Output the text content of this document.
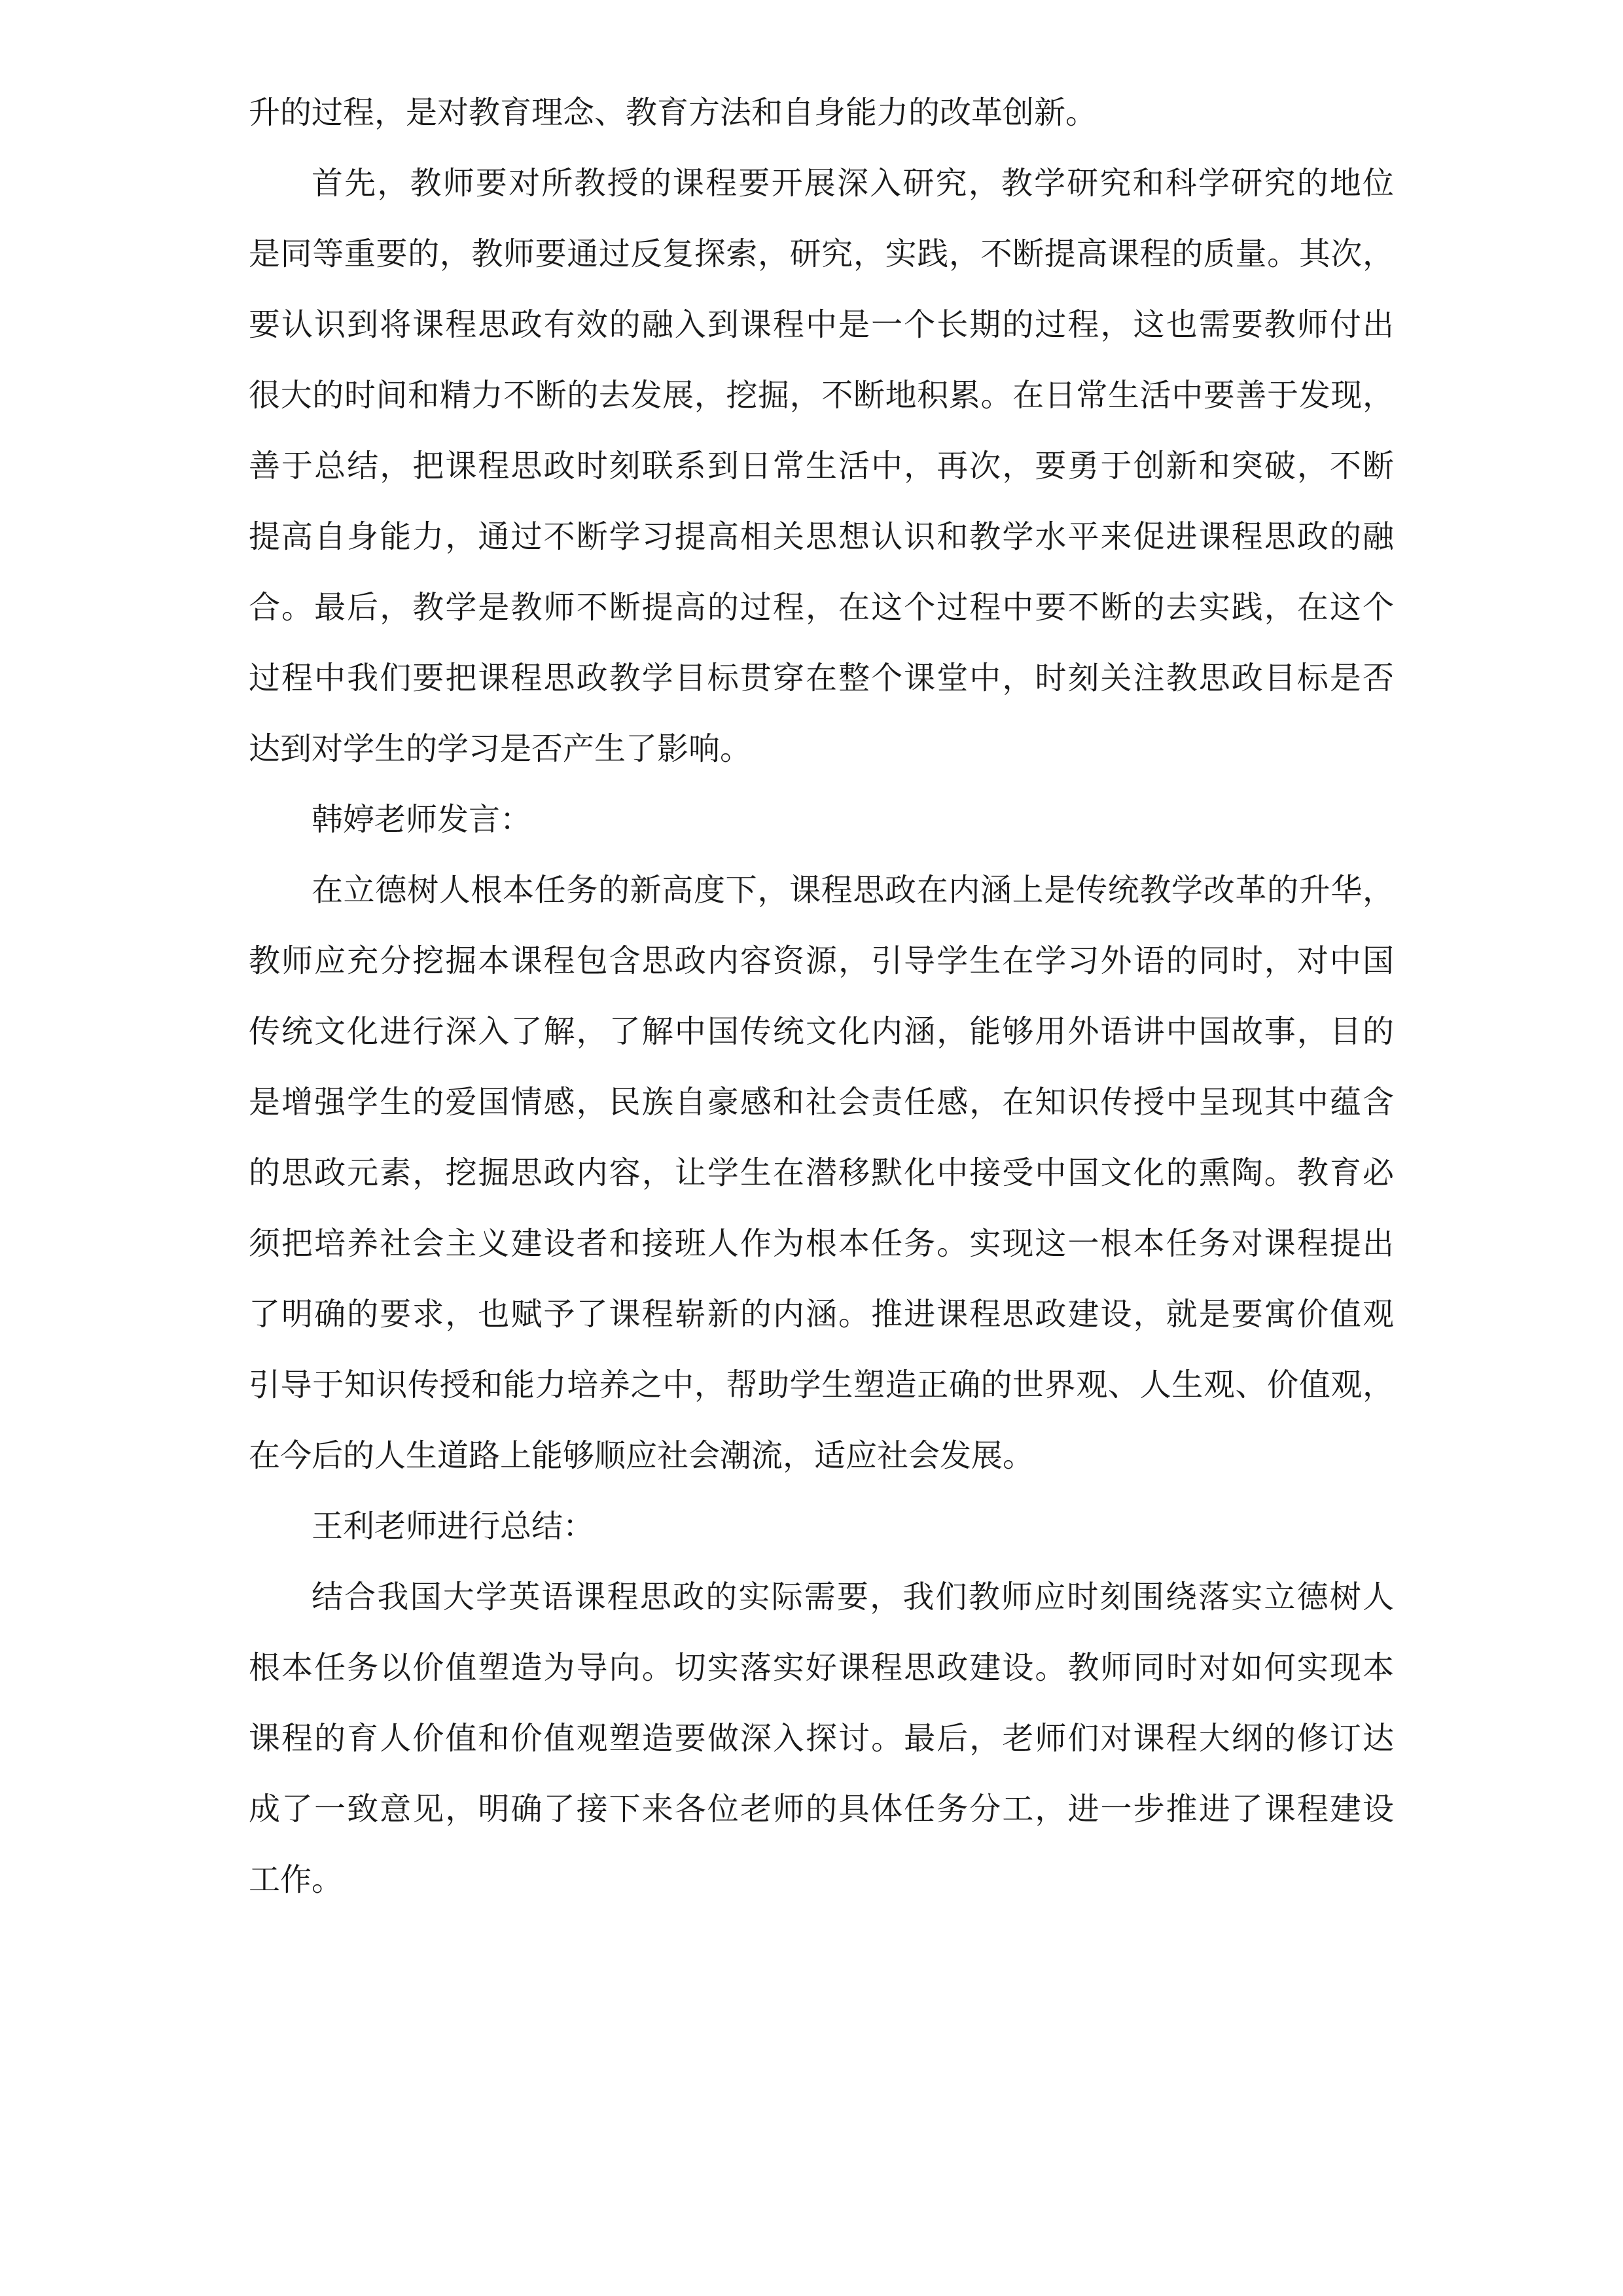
升的过程，是对教育理念、教育方法和自身能力的改革创新。
首先，教师要对所教授的课程要开展深入研究，教学研究和科学研究的地位
是同等重要的，教师要通过反复探索，研究，实践，不断提高课程的质量。其次，
要认识到将课程思政有效的融入到课程中是一个长期的过程，这也需要教师付出
很大的时间和精力不断的去发展，挖掘，不断地积累。在日常生活中要善于发现，
善于总结，把课程思政时刻联系到日常生活中，再次，要勇于创新和突破，不断
提高自身能力，通过不断学习提高相关思想认识和教学水平来促进课程思政的融
合。最后，教学是教师不断提高的过程，在这个过程中要不断的去实践，在这个
过程中我们要把课程思政教学目标贯穿在整个课堂中，时刻关注教思政目标是否
达到对学生的学习是否产生了影响。
韩婷老师发言：
在立德树人根本任务的新高度下，课程思政在内涵上是传统教学改革的升华，
教师应充分挖掘本课程包含思政内容资源，引导学生在学习外语的同时，对中国
传统文化进行深入了解，了解中国传统文化内涵，能够用外语讲中国故事，目的
是增强学生的爱国情感，民族自豪感和社会责任感，在知识传授中呈现其中蕴含
的思政元素，挖掘思政内容，让学生在潜移默化中接受中国文化的熏陶。教育必
须把培养社会主义建设者和接班人作为根本任务。实现这一根本任务对课程提出
了明确的要求，也赋予了课程崭新的内涵。推进课程思政建设，就是要寓价值观
引导于知识传授和能力培养之中，帮助学生塑造正确的世界观、人生观、价值观，
在今后的人生道路上能够顺应社会潮流，适应社会发展。
王利老师进行总结：
结合我国大学英语课程思政的实际需要，我们教师应时刻围绕落实立德树人
根本任务以价值塑造为导向。切实落实好课程思政建设。教师同时对如何实现本
课程的育人价值和价值观塑造要做深入探讨。最后，老师们对课程大纲的修订达
成了一致意见，明确了接下来各位老师的具体任务分工，进一步推进了课程建设
工作。
